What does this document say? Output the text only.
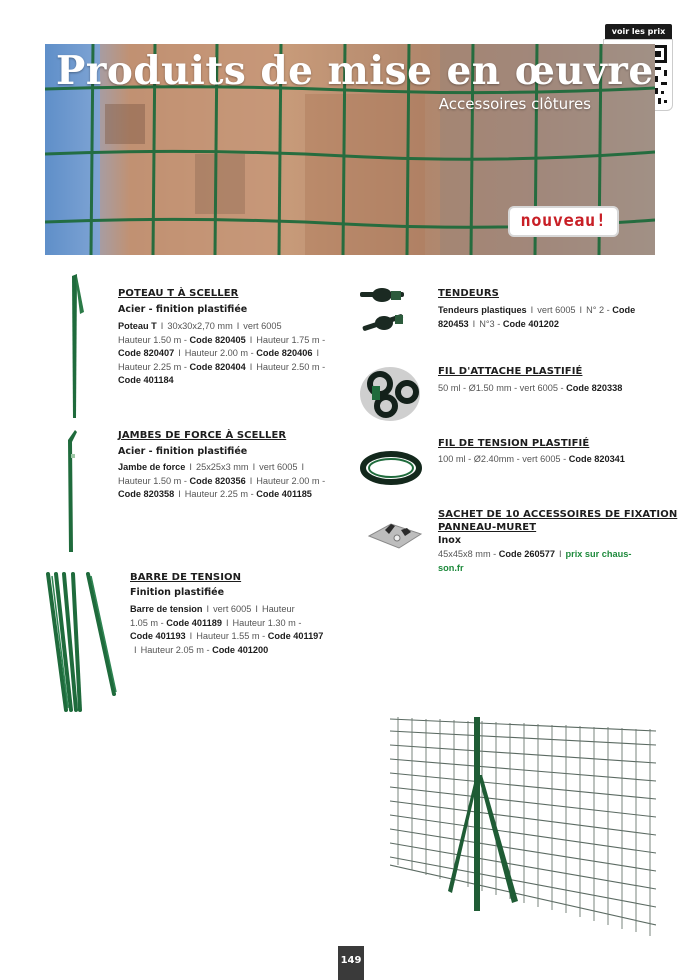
voir les prix
Produits de mise en œuvre
Accessoires clôtures
nouveau!
POTEAU T À SCELLER
Acier - finition plastifiée
Poteau T I 30x30x2,70 mm I vert 6005
Hauteur 1.50 m - Code 820405 I Hauteur 1.75 m -
Code 820407 I Hauteur 2.00 m - Code 820406 I
Hauteur 2.25 m - Code 820404 I Hauteur 2.50 m -
Code 401184
JAMBES DE FORCE À SCELLER
Acier - finition plastifiée
Jambe de force I 25x25x3 mm I vert 6005 I
Hauteur 1.50 m - Code 820356 I Hauteur 2.00 m -
Code 820358 I Hauteur 2.25 m - Code 401185
BARRE DE TENSION
Finition plastifiée
Barre de tension I vert 6005 I Hauteur
1.05 m - Code 401189 I Hauteur 1.30 m -
Code 401193 I Hauteur 1.55 m - Code 401197
I Hauteur 2.05 m - Code 401200
TENDEURS
Tendeurs plastiques I vert 6005 I N° 2 - Code
820453 I N°3 - Code 401202
FIL D'ATTACHE PLASTIFIÉ
50 ml - Ø1.50 mm - vert 6005 - Code 820338
FIL DE TENSION PLASTIFIÉ
100 ml - Ø2.40mm - vert 6005 - Code 820341
SACHET DE 10 ACCESSOIRES DE FIXATION
PANNEAU-MURET
Inox
45x45x8 mm - Code 260577 I prix sur chaus-
son.fr
149
